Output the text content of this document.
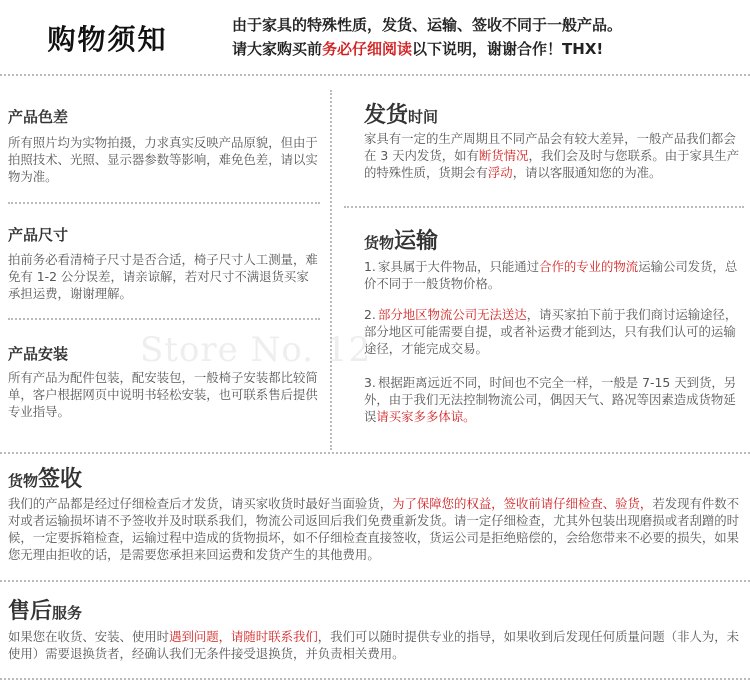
购物须知	由于家具的特殊性质，发货、运输、签收不同于一般产品。
请大家购买前务必仔细阅读以下说明，谢谢合作！THX!
产品色差
所有照片均为实物拍摄，力求真实反映产品原貌，但由于拍照技术、光照、显示器参数等影响，难免色差，请以实物为准。
产品尺寸
拍前务必看清椅子尺寸是否合适，椅子尺寸人工测量，难免有 1-2 公分误差，请亲谅解，若对尺寸不满退货买家承担运费，谢谢理解。
产品安装
所有产品为配件包装，配安装包，一般椅子安装都比较简单，客户根据网页中说明书轻松安装，也可联系售后提供专业指导。
发货时间
家具有一定的生产周期且不同产品会有较大差异，一般产品我们都会在 3 天内发货，如有断货情况，我们会及时与您联系。由于家具生产的特殊性质，货期会有浮动，请以客服通知您的为准。
货物运输
1. 家具属于大件物品，只能通过合作的专业的物流运输公司发货，总价不同于一般货物价格。
2. 部分地区物流公司无法送达，请买家拍下前于我们商讨运输途径，部分地区可能需要自提，或者补运费才能到达，只有我们认可的运输途径，才能完成交易。
3. 根据距离远近不同，时间也不完全一样，一般是 7-15 天到货，另外，由于我们无法控制物流公司，偶因天气、路况等因素造成货物延误请买家多多体谅。
Store No. 12
货物签收
我们的产品都是经过仔细检查后才发货，请买家收货时最好当面验货，为了保障您的权益，签收前请仔细检查、验货，若发现有件数不对或者运输损坏请不予签收并及时联系我们，物流公司返回后我们免费重新发货。请一定仔细检查，尤其外包装出现磨损或者刮蹭的时候，一定要拆箱检查，运输过程中造成的货物损坏，如不仔细检查直接签收，货运公司是拒绝赔偿的，会给您带来不必要的损失，如果您无理由拒收的话，是需要您承担来回运费和发货产生的其他费用。
售后服务
如果您在收货、安装、使用时遇到问题，请随时联系我们，我们可以随时提供专业的指导，如果收到后发现任何质量问题（非人为，未使用）需要退换货者，经确认我们无条件接受退换货，并负责相关费用。
